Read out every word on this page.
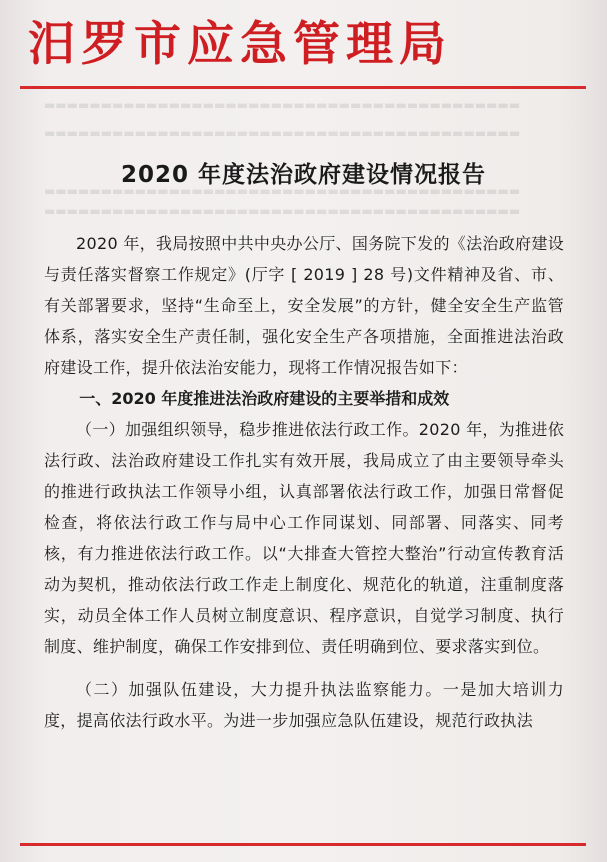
汨罗市应急管理局
▬▬▬▬▬▬▬▬▬▬▬▬▬▬▬▬▬▬▬▬▬▬▬▬▬▬▬▬▬▬▬▬▬▬▬▬▬▬▬▬▬▬
▬▬▬▬▬▬▬▬▬▬▬▬▬▬▬▬▬▬▬▬▬▬▬▬▬▬▬▬▬▬▬▬▬▬▬▬▬▬▬▬▬▬
▬▬▬▬▬▬▬▬▬▬▬▬▬▬▬▬▬▬▬▬▬▬▬▬▬▬▬▬▬▬▬▬▬▬▬▬▬▬▬▬▬▬
▬▬▬▬▬▬▬▬▬▬▬▬▬▬▬▬▬▬▬▬▬▬▬▬▬▬▬▬▬▬▬▬▬▬▬▬▬▬▬▬▬▬
2020 年度法治政府建设情况报告

2020 年，我局按照中共中央办公厅、国务院下发的《法治政府建设与责任落实督察工作规定》(厅字 [ 2019 ] 28 号)文件精神及省、市、有关部署要求，坚持“生命至上，安全发展”的方针，健全安全生产监管体系，落实安全生产责任制，强化安全生产各项措施，全面推进法治政府建设工作，提升依法治安能力，现将工作情况报告如下：

一、2020 年度推进法治政府建设的主要举措和成效

（一）加强组织领导，稳步推进依法行政工作。2020 年，为推进依法行政、法治政府建设工作扎实有效开展，我局成立了由主要领导牵头的推进行政执法工作领导小组，认真部署依法行政工作，加强日常督促检查，将依法行政工作与局中心工作同谋划、同部署、同落实、同考核，有力推进依法行政工作。以“大排查大管控大整治”行动宣传教育活动为契机，推动依法行政工作走上制度化、规范化的轨道，注重制度落实，动员全体工作人员树立制度意识、程序意识，自觉学习制度、执行制度、维护制度，确保工作安排到位、责任明确到位、要求落实到位。

（二）加强队伍建设，大力提升执法监察能力。一是加大培训力度，提高依法行政水平。为进一步加强应急队伍建设，规范行政执法
